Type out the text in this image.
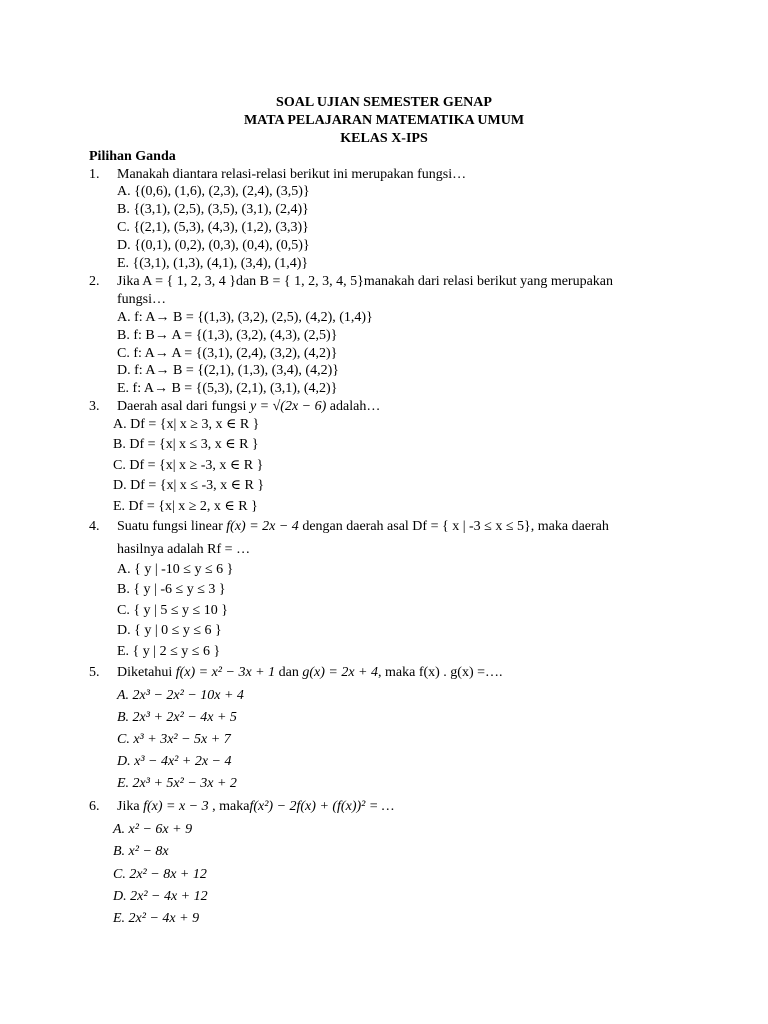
SOAL UJIAN SEMESTER GENAP
MATA PELAJARAN MATEMATIKA UMUM
KELAS X-IPS
Pilihan Ganda
1. Manakah diantara relasi-relasi berikut ini merupakan fungsi…
A. {(0,6), (1,6), (2,3), (2,4), (3,5)}
B. {(3,1), (2,5), (3,5), (3,1), (2,4)}
C. {(2,1), (5,3), (4,3), (1,2), (3,3)}
D. {(0,1), (0,2), (0,3), (0,4), (0,5)}
E. {(3,1), (1,3), (4,1), (3,4), (1,4)}
2. Jika A = { 1, 2, 3, 4 }dan B = { 1, 2, 3, 4, 5}manakah dari relasi berikut yang merupakan
fungsi…
A. f: A→ B = {(1,3), (3,2), (2,5), (4,2), (1,4)}
B. f: B→ A = {(1,3), (3,2), (4,3), (2,5)}
C. f: A→ A = {(3,1), (2,4), (3,2), (4,2)}
D. f: A→ B = {(2,1), (1,3), (3,4), (4,2)}
E. f: A→ B = {(5,3), (2,1), (3,1), (4,2)}
3. Daerah asal dari fungsi y = √(2x − 6) adalah…
A. Df = {x| x ≥ 3, x ∈ R }
B. Df = {x| x ≤ 3, x ∈ R }
C. Df = {x| x ≥ -3, x ∈ R }
D. Df = {x| x ≤ -3, x ∈ R }
E. Df = {x| x ≥ 2, x ∈ R }
4. Suatu fungsi linear f(x) = 2x − 4 dengan daerah asal Df = { x | -3 ≤ x ≤ 5}, maka daerah
hasilnya adalah Rf = …
A. { y | -10 ≤ y ≤ 6 }
B. { y | -6 ≤ y ≤ 3 }
C. { y | 5 ≤ y ≤ 10 }
D. { y | 0 ≤ y ≤ 6 }
E. { y | 2 ≤ y ≤ 6 }
5. Diketahui f(x) = x² − 3x + 1 dan g(x) = 2x + 4, maka f(x) . g(x) =….
A. 2x³ − 2x² − 10x + 4
B. 2x³ + 2x² − 4x + 5
C. x³ + 3x² − 5x + 7
D. x³ − 4x² + 2x − 4
E. 2x³ + 5x² − 3x + 2
6. Jika f(x) = x − 3 , makaf(x²) − 2f(x) + (f(x))² = …
A. x² − 6x + 9
B. x² − 8x
C. 2x² − 8x + 12
D. 2x² − 4x + 12
E. 2x² − 4x + 9
